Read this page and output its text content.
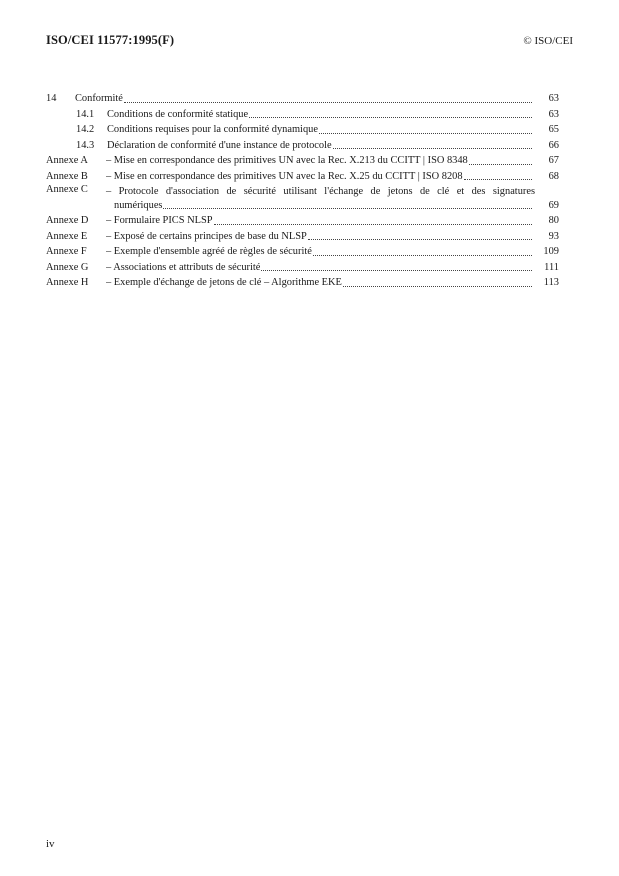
ISO/CEI 11577:1995(F)	© ISO/CEI
14	Conformité	63
14.1	Conditions de conformité statique	63
14.2	Conditions requises pour la conformité dynamique	65
14.3	Déclaration de conformité d'une instance de protocole	66
Annexe A	– Mise en correspondance des primitives UN avec la Rec. X.213 du CCITT | ISO 8348	67
Annexe B	– Mise en correspondance des primitives UN avec la Rec. X.25 du CCITT | ISO 8208	68
Annexe C	– Protocole d'association de sécurité utilisant l'échange de jetons de clé et des signatures
numériques	69
Annexe D	– Formulaire PICS NLSP	80
Annexe E	– Exposé de certains principes de base du NLSP	93
Annexe F	– Exemple d'ensemble agréé de règles de sécurité	109
Annexe G	– Associations et attributs de sécurité	111
Annexe H	– Exemple d'échange de jetons de clé – Algorithme EKE	113
iv
